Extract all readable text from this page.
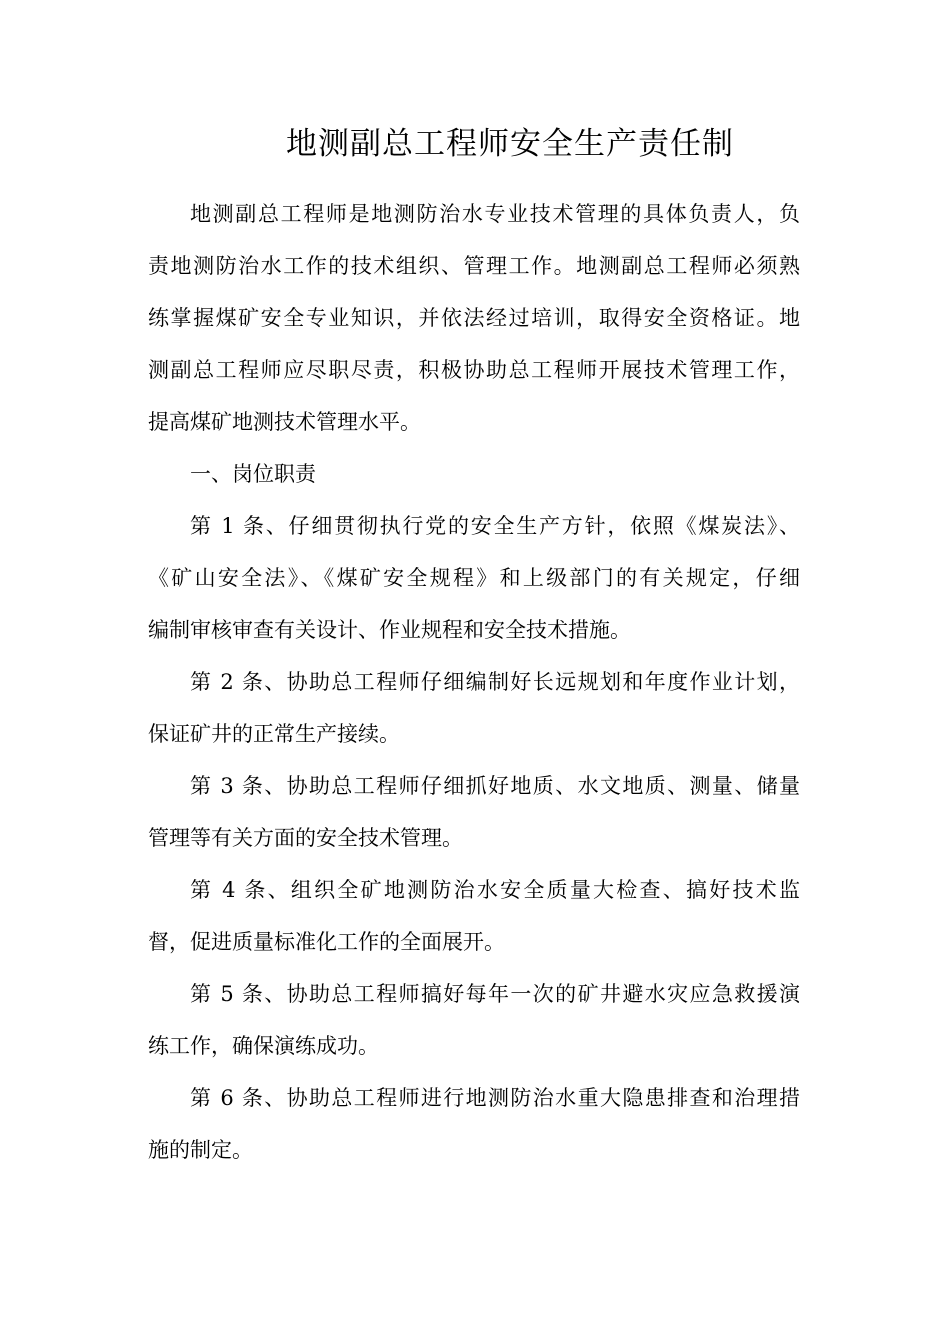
地测副总工程师安全生产责任制
地测副总工程师是地测防治水专业技术管理的具体负责人，负
责地测防治水工作的技术组织、管理工作。地测副总工程师必须熟
练掌握煤矿安全专业知识，并依法经过培训，取得安全资格证。地
测副总工程师应尽职尽责，积极协助总工程师开展技术管理工作，
提高煤矿地测技术管理水平。
一、岗位职责
第 1 条、仔细贯彻执行党的安全生产方针，依照《煤炭法》、
《矿山安全法》、《煤矿安全规程》和上级部门的有关规定，仔细
编制审核审查有关设计、作业规程和安全技术措施。
第 2 条、协助总工程师仔细编制好长远规划和年度作业计划，
保证矿井的正常生产接续。
第 3 条、协助总工程师仔细抓好地质、水文地质、测量、储量
管理等有关方面的安全技术管理。
第 4 条、组织全矿地测防治水安全质量大检查、搞好技术监
督，促进质量标准化工作的全面展开。
第 5 条、协助总工程师搞好每年一次的矿井避水灾应急救援演
练工作，确保演练成功。
第 6 条、协助总工程师进行地测防治水重大隐患排查和治理措
施的制定。
